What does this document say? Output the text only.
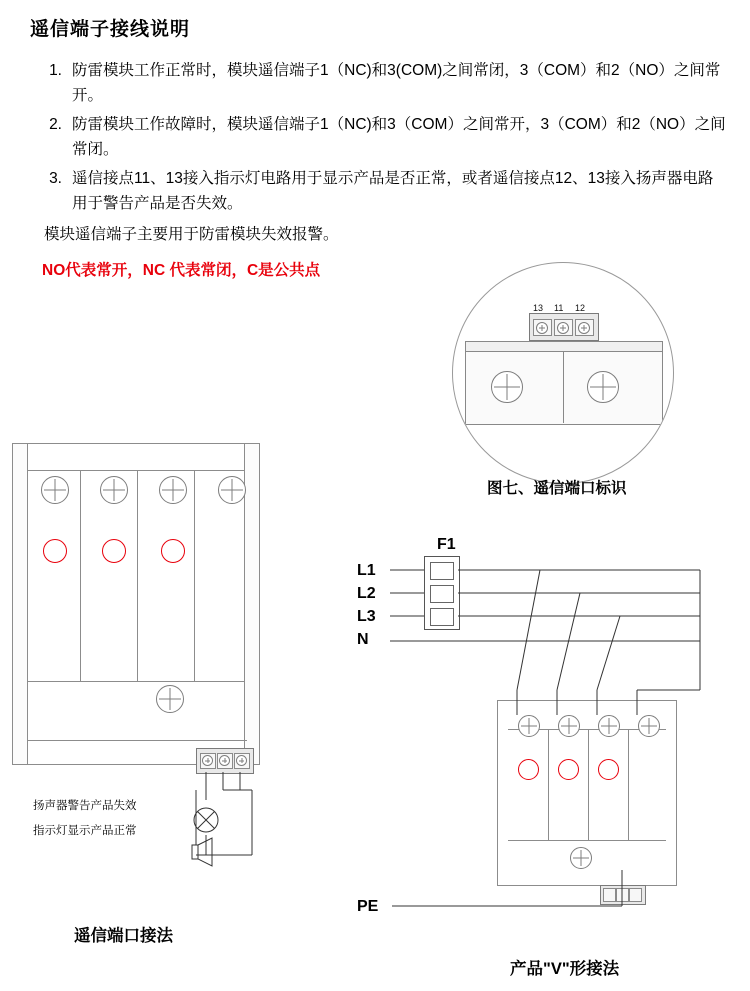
遥信端子接线说明
1. 防雷模块工作正常时，模块遥信端子1（NC)和3(COM)之间常闭，3（COM）和2（NO）之间常开。
2. 防雷模块工作故障时，模块遥信端子1（NC)和3（COM）之间常开，3（COM）和2（NO）之间常闭。
3. 遥信接点11、13接入指示灯电路用于显示产品是否正常，或者遥信接点12、13接入扬声器电路用于警告产品是否失效。
模块遥信端子主要用于防雷模块失效报警。
NO代表常开，NC 代表常闭，C是公共点
13 11 12
图七、遥信端口标识
扬声器警告产品失效
指示灯显示产品正常
遥信端口接法
F1
L1
L2
L3
N
PE
产品"V"形接法
